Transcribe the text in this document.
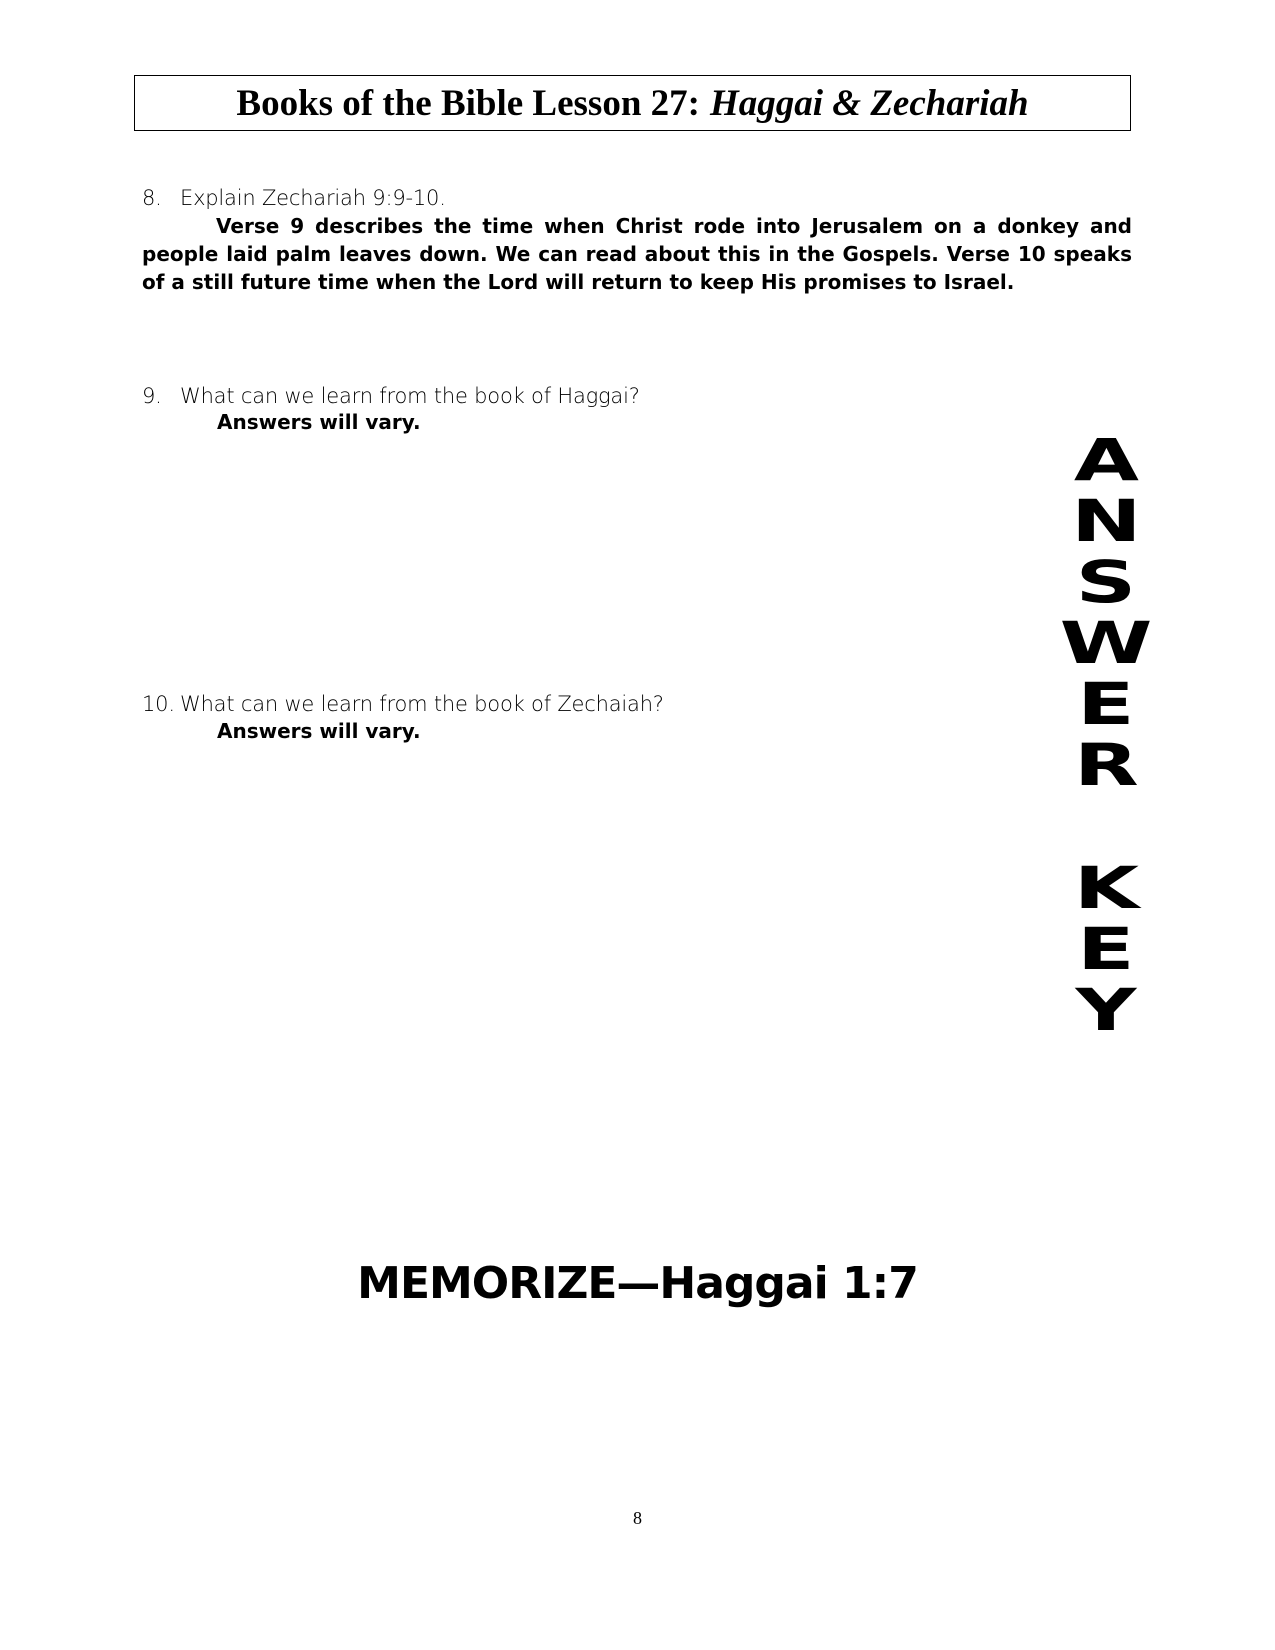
Books of the Bible Lesson 27: Haggai & Zechariah
8. Explain Zechariah 9:9-10.
Verse 9 describes the time when Christ rode into Jerusalem on a donkey and people laid palm leaves down. We can read about this in the Gospels. Verse 10 speaks of a still future time when the Lord will return to keep His promises to Israel.
9. What can we learn from the book of Haggai?
Answers will vary.
10. What can we learn from the book of Zechaiah?
Answers will vary.
A
N
S
W
E
R
K
E
Y
MEMORIZE—Haggai 1:7
8
